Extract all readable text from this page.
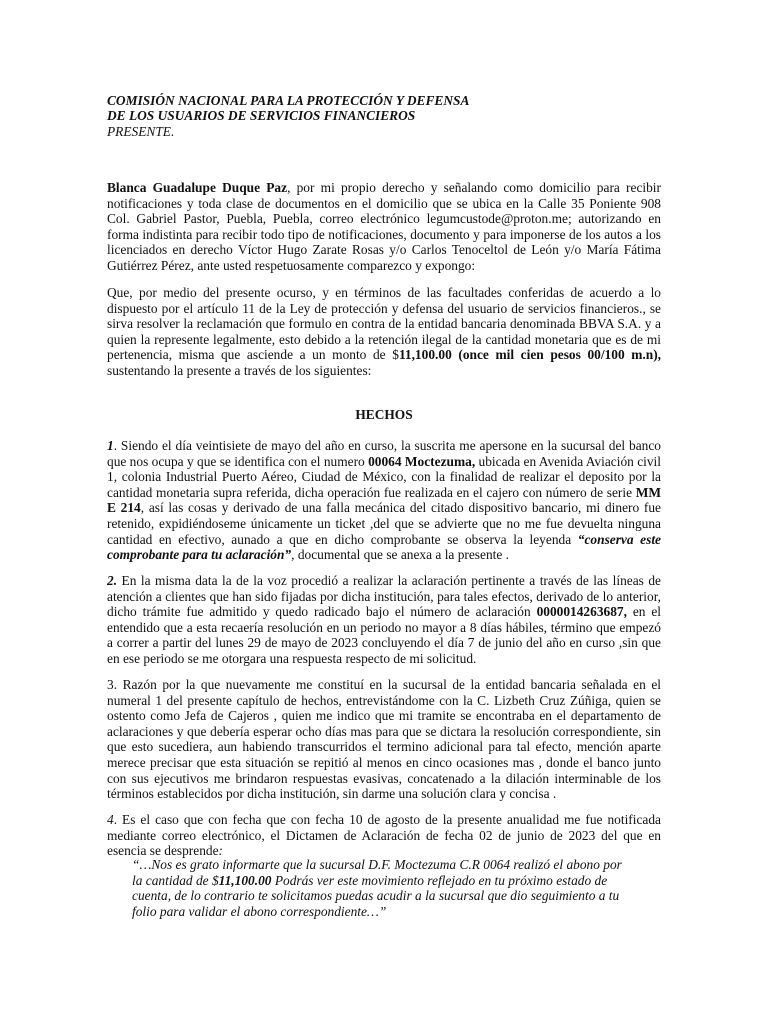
COMISIÓN NACIONAL PARA LA PROTECCIÓN Y DEFENSA
DE LOS USUARIOS DE SERVICIOS FINANCIEROS
PRESENTE.

Blanca Guadalupe Duque Paz, por mi propio derecho y señalando como domicilio para recibir notificaciones y toda clase de documentos en el domicilio que se ubica en la Calle 35 Poniente 908 Col. Gabriel Pastor, Puebla, Puebla, correo electrónico legumcustode@proton.me; autorizando en forma indistinta para recibir todo tipo de notificaciones, documento y para imponerse de los autos a los licenciados en derecho Víctor Hugo Zarate Rosas y/o Carlos Tenoceltol de León y/o María Fátima Gutiérrez Pérez, ante usted respetuosamente comparezco y expongo:

Que, por medio del presente ocurso, y en términos de las facultades conferidas de acuerdo a lo dispuesto por el artículo 11 de la Ley de protección y defensa del usuario de servicios financieros., se sirva resolver la reclamación que formulo en contra de la entidad bancaria denominada BBVA S.A. y a quien la represente legalmente, esto debido a la retención ilegal de la cantidad monetaria que es de mi pertenencia, misma que asciende a un monto de $11,100.00 (once mil cien pesos 00/100 m.n), sustentando la presente a través de los siguientes:

HECHOS

1. Siendo el día veintisiete de mayo del año en curso, la suscrita me apersone en la sucursal del banco que nos ocupa y que se identifica con el numero 00064 Moctezuma, ubicada en Avenida Aviación civil 1, colonia Industrial Puerto Aéreo, Ciudad de México, con la finalidad de realizar el deposito por la cantidad monetaria supra referida, dicha operación fue realizada en el cajero con número de serie MM E 214, así las cosas y derivado de una falla mecánica del citado dispositivo bancario, mi dinero fue retenido, expidiéndoseme únicamente un ticket ,del que se advierte que no me fue devuelta ninguna cantidad en efectivo, aunado a que en dicho comprobante se observa la leyenda “conserva este comprobante para tu aclaración”, documental que se anexa a la presente .

2. En la misma data la de la voz procedió a realizar la aclaración pertinente a través de las líneas de atención a clientes que han sido fijadas por dicha institución, para tales efectos, derivado de lo anterior, dicho trámite fue admitido y quedo radicado bajo el número de aclaración 0000014263687, en el entendido que a esta recaería resolución en un periodo no mayor a 8 días hábiles, término que empezó a correr a partir del lunes 29 de mayo de 2023 concluyendo el día 7 de junio del año en curso ,sin que en ese periodo se me otorgara una respuesta respecto de mi solicitud.

3. Razón por la que nuevamente me constituí en la sucursal de la entidad bancaria señalada en el numeral 1 del presente capítulo de hechos, entrevistándome con la C. Lizbeth Cruz Zúñiga, quien se ostento como Jefa de Cajeros , quien me indico que mi tramite se encontraba en el departamento de aclaraciones y que debería esperar ocho días mas para que se dictara la resolución correspondiente, sin que esto sucediera, aun habiendo transcurridos el termino adicional para tal efecto, mención aparte merece precisar que esta situación se repitió al menos en cinco ocasiones mas , donde el banco junto con sus ejecutivos me brindaron respuestas evasivas, concatenado a la dilación interminable de los términos establecidos por dicha institución, sin darme una solución clara y concisa .

4. Es el caso que con fecha que con fecha 10 de agosto de la presente anualidad me fue notificada mediante correo electrónico, el Dictamen de Aclaración de fecha 02 de junio de 2023 del que en esencia se desprende:

“…Nos es grato informarte que la sucursal D.F. Moctezuma C.R 0064 realizó el abono por la cantidad de $11,100.00 Podrás ver este movimiento reflejado en tu próximo estado de cuenta, de lo contrario te solicitamos puedas acudir a la sucursal que dio seguimiento a tu folio para validar el abono correspondiente…”
